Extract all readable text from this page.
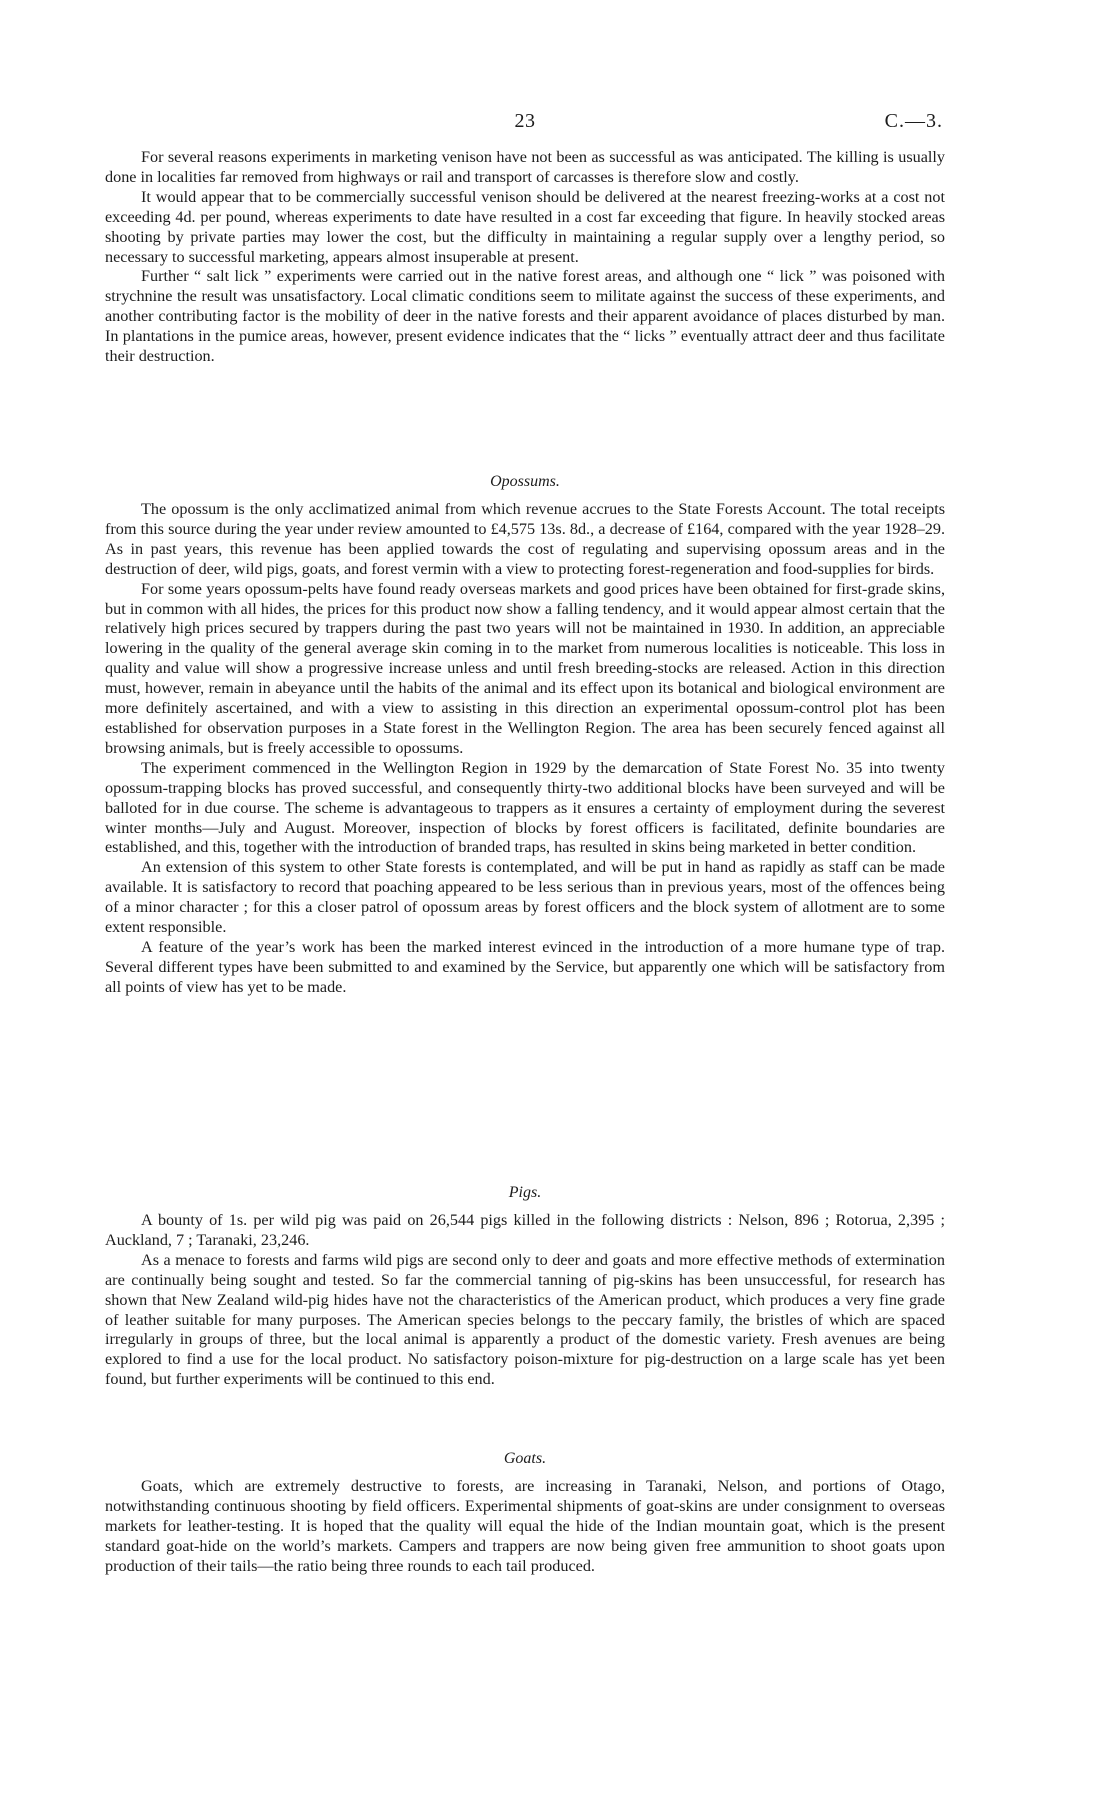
23	C.—3.

For several reasons experiments in marketing venison have not been as successful as was anticipated. The killing is usually done in localities far removed from highways or rail and transport of carcasses is therefore slow and costly.

It would appear that to be commercially successful venison should be delivered at the nearest freezing-works at a cost not exceeding 4d. per pound, whereas experiments to date have resulted in a cost far exceeding that figure. In heavily stocked areas shooting by private parties may lower the cost, but the difficulty in maintaining a regular supply over a lengthy period, so necessary to successful marketing, appears almost insuperable at present.

Further “ salt lick ” experiments were carried out in the native forest areas, and although one “ lick ” was poisoned with strychnine the result was unsatisfactory. Local climatic conditions seem to militate against the success of these experiments, and another contributing factor is the mobility of deer in the native forests and their apparent avoidance of places disturbed by man. In plantations in the pumice areas, however, present evidence indicates that the “ licks ” eventually attract deer and thus facilitate their destruction.

Opossums.

The opossum is the only acclimatized animal from which revenue accrues to the State Forests Account. The total receipts from this source during the year under review amounted to £4,575 13s. 8d., a decrease of £164, compared with the year 1928–29. As in past years, this revenue has been applied towards the cost of regulating and supervising opossum areas and in the destruction of deer, wild pigs, goats, and forest vermin with a view to protecting forest-regeneration and food-supplies for birds.

For some years opossum-pelts have found ready overseas markets and good prices have been obtained for first-grade skins, but in common with all hides, the prices for this product now show a falling tendency, and it would appear almost certain that the relatively high prices secured by trappers during the past two years will not be maintained in 1930. In addition, an appreciable lowering in the quality of the general average skin coming in to the market from numerous localities is noticeable. This loss in quality and value will show a progressive increase unless and until fresh breeding-stocks are released. Action in this direction must, however, remain in abeyance until the habits of the animal and its effect upon its botanical and biological environment are more definitely ascertained, and with a view to assisting in this direction an experimental opossum-control plot has been established for observation purposes in a State forest in the Wellington Region. The area has been securely fenced against all browsing animals, but is freely accessible to opossums.

The experiment commenced in the Wellington Region in 1929 by the demarcation of State Forest No. 35 into twenty opossum-trapping blocks has proved successful, and consequently thirty-two additional blocks have been surveyed and will be balloted for in due course. The scheme is advantageous to trappers as it ensures a certainty of employment during the severest winter months—July and August. Moreover, inspection of blocks by forest officers is facilitated, definite boundaries are established, and this, together with the introduction of branded traps, has resulted in skins being marketed in better condition.

An extension of this system to other State forests is contemplated, and will be put in hand as rapidly as staff can be made available. It is satisfactory to record that poaching appeared to be less serious than in previous years, most of the offences being of a minor character ; for this a closer patrol of opossum areas by forest officers and the block system of allotment are to some extent responsible.

A feature of the year’s work has been the marked interest evinced in the introduction of a more humane type of trap. Several different types have been submitted to and examined by the Service, but apparently one which will be satisfactory from all points of view has yet to be made.

Pigs.

A bounty of 1s. per wild pig was paid on 26,544 pigs killed in the following districts : Nelson, 896 ; Rotorua, 2,395 ; Auckland, 7 ; Taranaki, 23,246.

As a menace to forests and farms wild pigs are second only to deer and goats and more effective methods of extermination are continually being sought and tested. So far the commercial tanning of pig-skins has been unsuccessful, for research has shown that New Zealand wild-pig hides have not the characteristics of the American product, which produces a very fine grade of leather suitable for many purposes. The American species belongs to the peccary family, the bristles of which are spaced irregularly in groups of three, but the local animal is apparently a product of the domestic variety. Fresh avenues are being explored to find a use for the local product. No satisfactory poison-mixture for pig-destruction on a large scale has yet been found, but further experiments will be continued to this end.

Goats.

Goats, which are extremely destructive to forests, are increasing in Taranaki, Nelson, and portions of Otago, notwithstanding continuous shooting by field officers. Experimental shipments of goat-skins are under consignment to overseas markets for leather-testing. It is hoped that the quality will equal the hide of the Indian mountain goat, which is the present standard goat-hide on the world’s markets. Campers and trappers are now being given free ammunition to shoot goats upon production of their tails—the ratio being three rounds to each tail produced.
